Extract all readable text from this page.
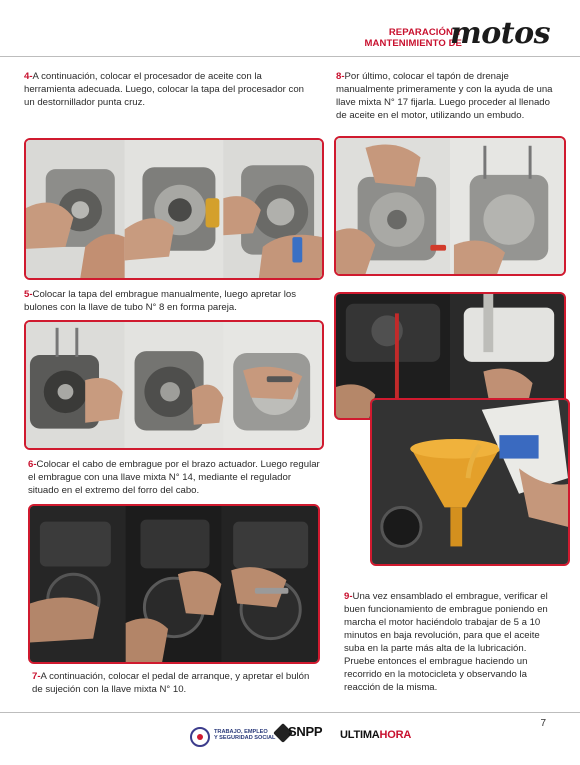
REPARACIÓN Y
MANTENIMIENTO DE
motos
4-A continuación, colocar el procesador de aceite con la herramienta adecuada. Luego, colocar la tapa del procesador con un destornillador punta cruz.
5-Colocar la tapa del embrague manualmente, luego apretar los bulones con la llave de tubo N° 8 en forma pareja.
6-Colocar el cabo de embrague por el brazo actuador. Luego regular el embrague con una llave mixta N° 14, mediante el regulador situado en el extremo del forro del cabo.
7-A continuación, colocar el pedal de arranque, y apretar el bulón de sujeción con la llave mixta N° 10.
8-Por último, colocar el tapón de drenaje manualmente primeramente y con la ayuda de una llave mixta N° 17 fijarla. Luego proceder al llenado de aceite en el motor, utilizando un embudo.
9-Una vez ensamblado el embrague, verificar el buen funcionamiento de embrague poniendo en marcha el motor haciéndolo trabajar de 5 a 10 minutos en baja revolución, para que el aceite suba en la parte más alta de la lubricación. Pruebe entonces el embrague haciendo un recorrido en la motocicleta y observando la reacción de la misma.
7
TRABAJO, EMPLEO
Y SEGURIDAD SOCIAL SNPP ULTIMAHORA
